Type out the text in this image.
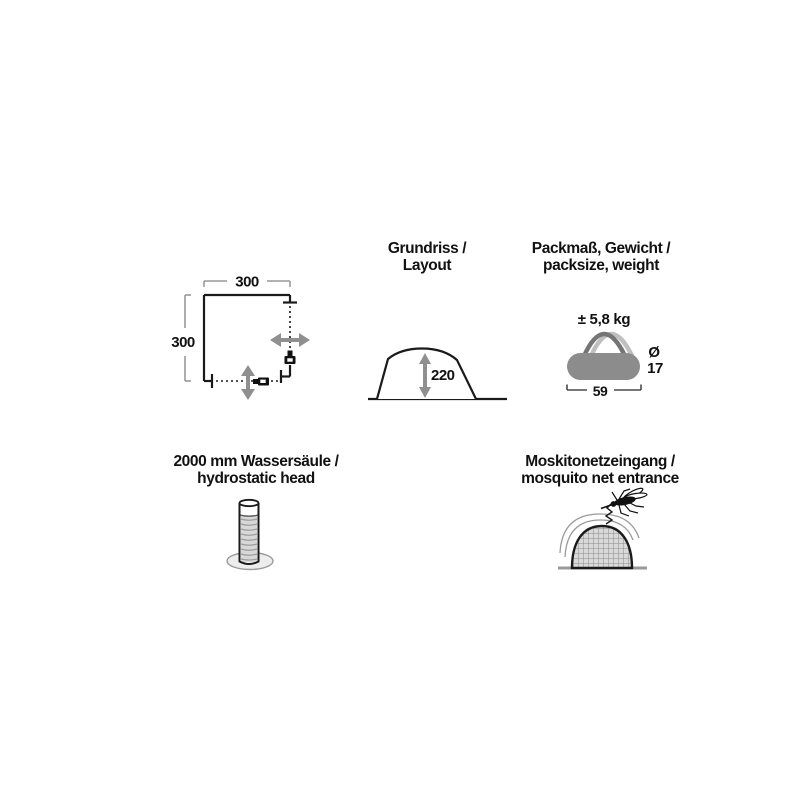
Grundriss /
Layout
Packmaß, Gewicht /
packsize, weight
2000 mm Wassersäule /
hydrostatic head
Moskitonetzeingang /
mosquito net entrance
± 5,8 kg
300
300
220
Ø
17
59
